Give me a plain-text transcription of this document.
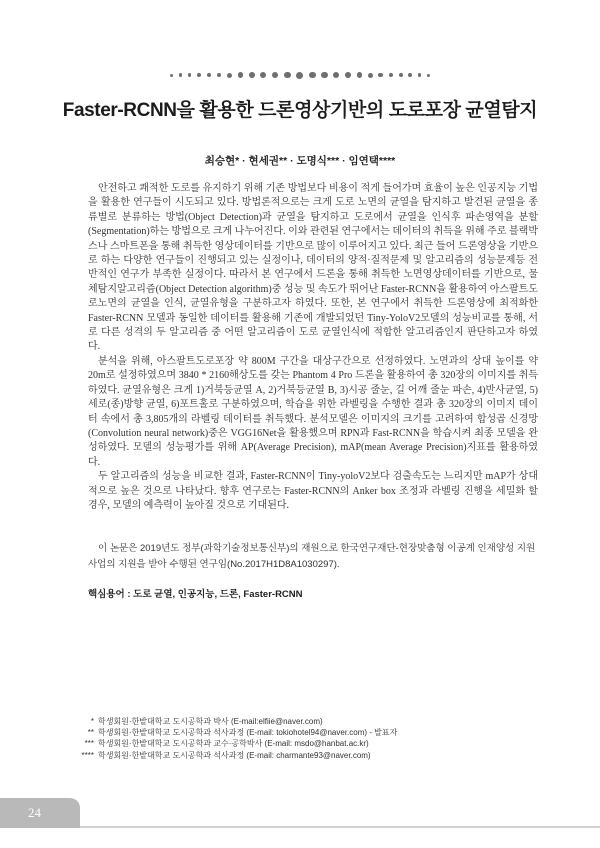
Faster-RCNN을 활용한 드론영상기반의 도로포장 균열탐지
최승현* · 현세권** · 도명식*** · 임연택****

안전하고 쾌적한 도로를 유지하기 위해 기존 방법보다 비용이 적게 들어가며 효율이 높은 인공지능 기법을 활용한 연구들이 시도되고 있다. 방법론적으로는 크게 도로 노면의 균열을 탐지하고 발견된 균열을 종류별로 분류하는 방법(Object Detection)과 균열을 탐지하고 도로에서 균열을 인식후 파손영역을 분할(Segmentation)하는 방법으로 크게 나누어진다. 이와 관련된 연구에서는 데이터의 취득을 위해 주로 블랙박스나 스마트폰을 통해 취득한 영상데이터를 기반으로 많이 이루어지고 있다. 최근 들어 드론영상을 기반으로 하는 다양한 연구들이 진행되고 있는 실정이나, 데이터의 양적·질적문제 및 알고리즘의 성능문제등 전반적인 연구가 부족한 실정이다. 따라서 본 연구에서 드론을 통해 취득한 노면영상데이터를 기반으로, 물체탐지알고리즘(Object Detection algorithm)중 성능 및 속도가 뛰어난 Faster-RCNN을 활용하여 아스팔트도로노면의 균열을 인식, 균열유형을 구분하고자 하였다. 또한, 본 연구에서 취득한 드론영상에 최적화한 Faster-RCNN 모델과 동일한 데이터를 활용해 기존에 개발되었던 Tiny-YoloV2모델의 성능비교를 통해, 서로 다른 성격의 두 알고리즘 중 어떤 알고리즘이 도로 균열인식에 적합한 알고리즘인지 판단하고자 하였다.

분석을 위해, 아스팔트도로포장 약 800M 구간을 대상구간으로 선정하였다. 노면과의 상대 높이를 약 20m로 설정하였으며 3840 * 2160해상도를 갖는 Phantom 4 Pro 드론을 활용하여 총 320장의 이미지를 취득하였다. 균열유형은 크게 1)거북등균열 A, 2)거북등균열 B, 3)시공 줄눈, 길 어깨 줄눈 파손, 4)반사균열, 5)세로(종)방향 균열, 6)포트홀로 구분하였으며, 학습을 위한 라벨링을 수행한 결과 총 320장의 이미지 데이터 속에서 총 3,805개의 라벨링 데이터를 취득했다. 분석모델은 이미지의 크기를 고려하여 합성곱 신경망(Convolution neural network)중은 VGG16Net을 활용했으며 RPN과 Fast-RCNN을 학습시켜 최종 모델을 완성하였다. 모델의 성능평가를 위해 AP(Average Precision), mAP(mean Average Precision)지표를 활용하였다.

두 알고리즘의 성능을 비교한 결과, Faster-RCNN이 Tiny-yoloV2보다 검출속도는 느리지만 mAP가 상대적으로 높은 것으로 나타났다. 향후 연구로는 Faster-RCNN의 Anker box 조정과 라벨링 진행을 세밀화 할 경우, 모델의 예측력이 높아질 것으로 기대된다.

이 논문은 2019년도 정부(과학기술정보통신부)의 재원으로 한국연구재단-현장맞춤형 이공계 인재양성 지원사업의 지원을 받아 수행된 연구임(No.2017H1D8A1030297).

핵심용어 : 도로 균열, 인공지능, 드론, Faster-RCNN
* 학생회원·한밭대학교 도시공학과 박사 (E-mail:elfiie@naver.com)
** 학생회원·한밭대학교 도시공학과 석사과정 (E-mail: tokiohotel94@naver.com) - 발표자
*** 학생회원·한밭대학교 도시공학과 교수·공학박사 (E-mail: msdo@hanbat.ac.kr)
**** 학생회원·한밭대학교 도시공학과 석사과정 (E-mail: charmante93@naver.com)
24
